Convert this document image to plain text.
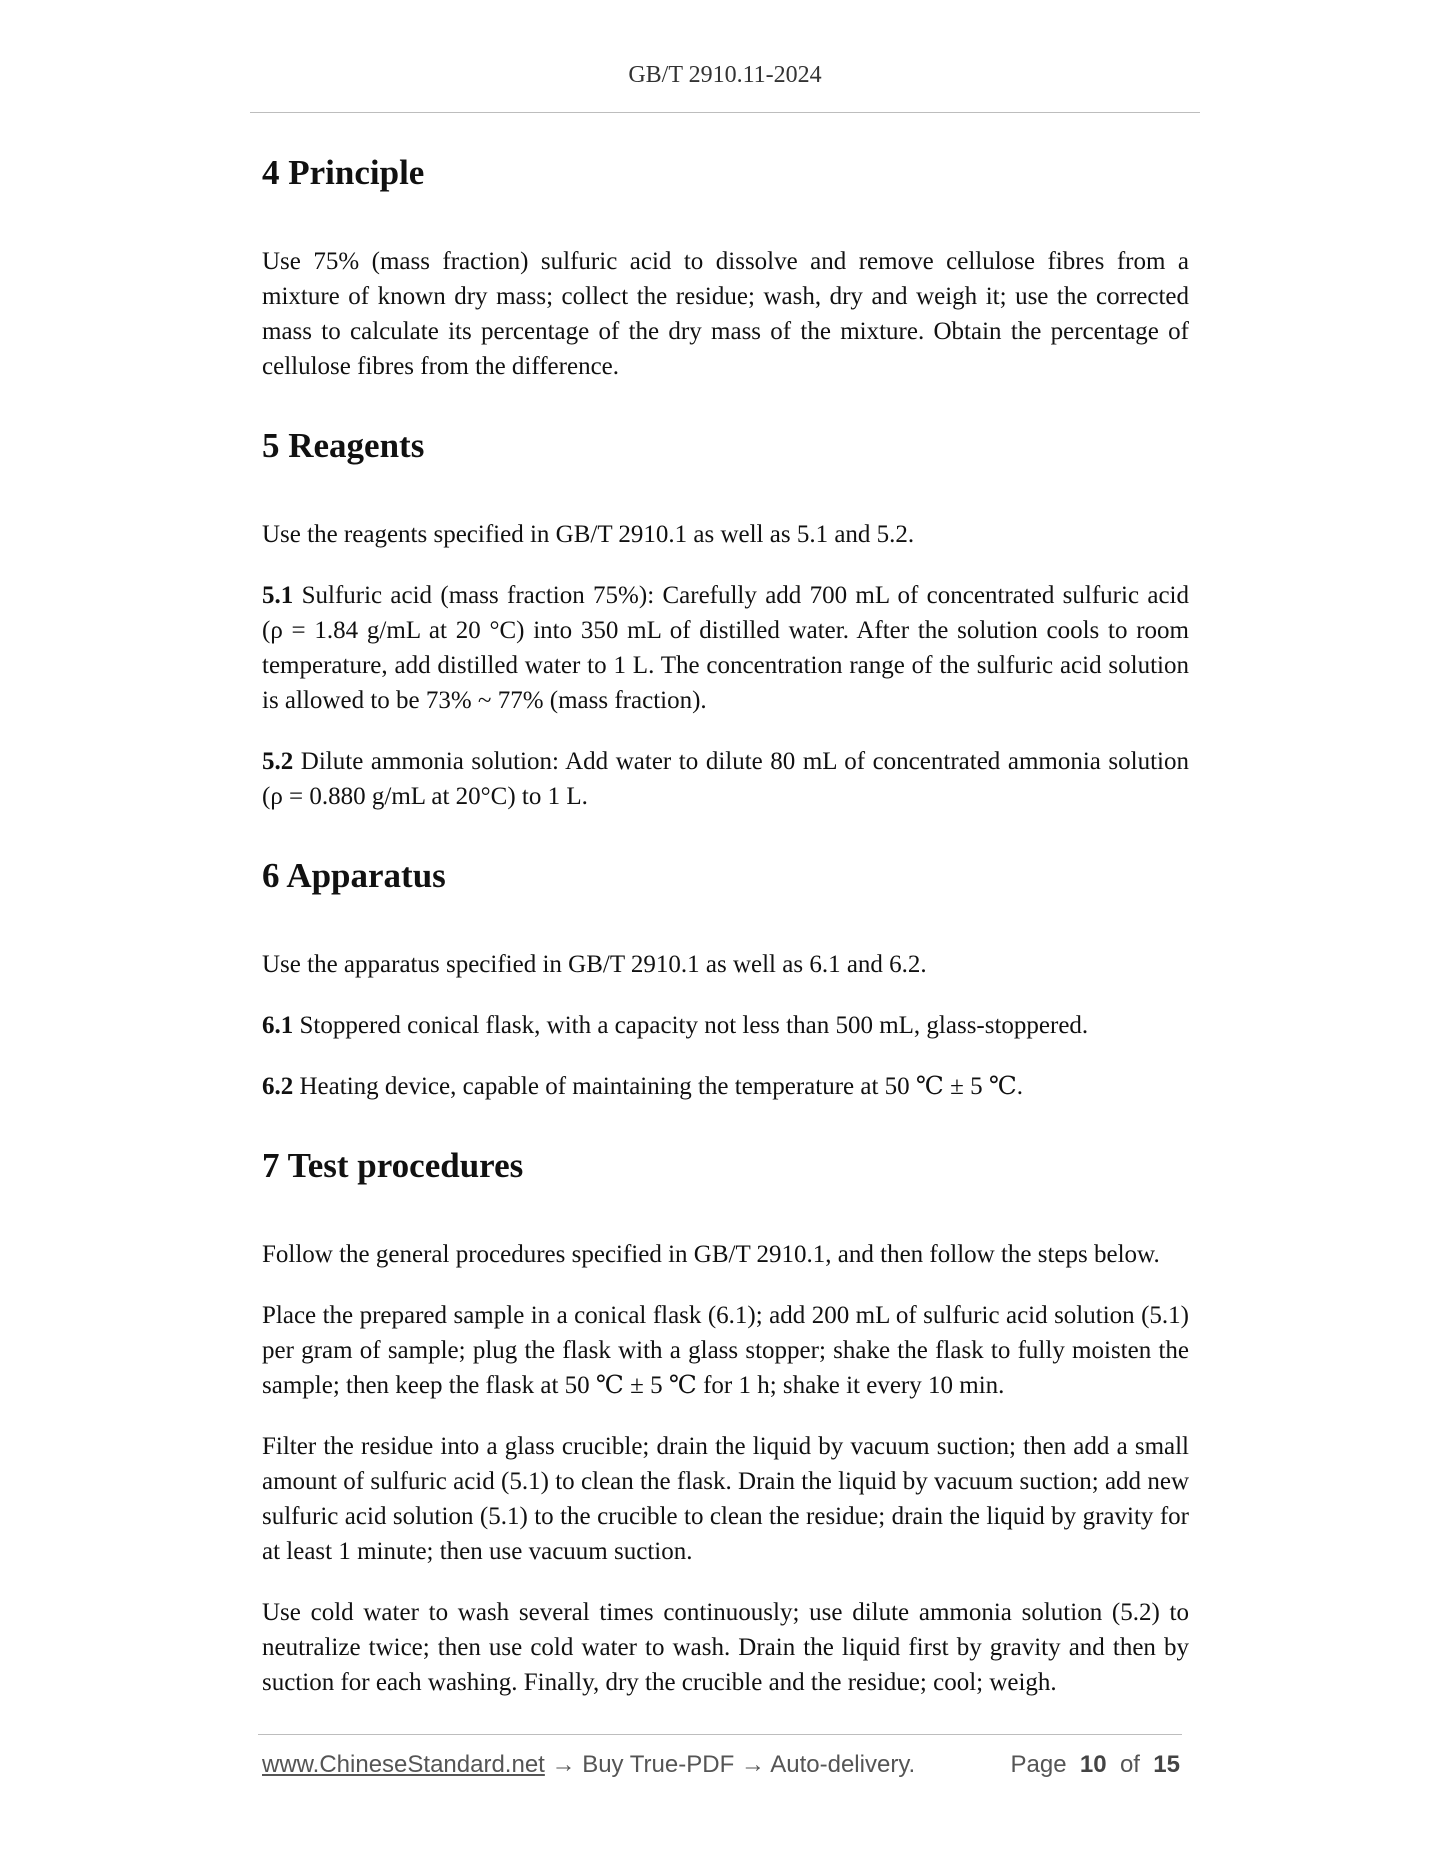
GB/T 2910.11-2024
4 Principle

Use 75% (mass fraction) sulfuric acid to dissolve and remove cellulose fibres from a mixture of known dry mass; collect the residue; wash, dry and weigh it; use the corrected mass to calculate its percentage of the dry mass of the mixture. Obtain the percentage of cellulose fibres from the difference.

5 Reagents

Use the reagents specified in GB/T 2910.1 as well as 5.1 and 5.2.

5.1 Sulfuric acid (mass fraction 75%): Carefully add 700 mL of concentrated sulfuric acid (ρ = 1.84 g/mL at 20 °C) into 350 mL of distilled water. After the solution cools to room temperature, add distilled water to 1 L. The concentration range of the sulfuric acid solution is allowed to be 73% ~ 77% (mass fraction).

5.2 Dilute ammonia solution: Add water to dilute 80 mL of concentrated ammonia solution (ρ = 0.880 g/mL at 20°C) to 1 L.

6 Apparatus

Use the apparatus specified in GB/T 2910.1 as well as 6.1 and 6.2.

6.1 Stoppered conical flask, with a capacity not less than 500 mL, glass-stoppered.

6.2 Heating device, capable of maintaining the temperature at 50 ℃ ± 5 ℃.

7 Test procedures

Follow the general procedures specified in GB/T 2910.1, and then follow the steps below.

Place the prepared sample in a conical flask (6.1); add 200 mL of sulfuric acid solution (5.1) per gram of sample; plug the flask with a glass stopper; shake the flask to fully moisten the sample; then keep the flask at 50 ℃ ± 5 ℃ for 1 h; shake it every 10 min.

Filter the residue into a glass crucible; drain the liquid by vacuum suction; then add a small amount of sulfuric acid (5.1) to clean the flask. Drain the liquid by vacuum suction; add new sulfuric acid solution (5.1) to the crucible to clean the residue; drain the liquid by gravity for at least 1 minute; then use vacuum suction.

Use cold water to wash several times continuously; use dilute ammonia solution (5.2) to neutralize twice; then use cold water to wash. Drain the liquid first by gravity and then by suction for each washing. Finally, dry the crucible and the residue; cool; weigh.

www.ChineseStandard.net → Buy True-PDF → Auto-delivery.	Page 10 of 15
